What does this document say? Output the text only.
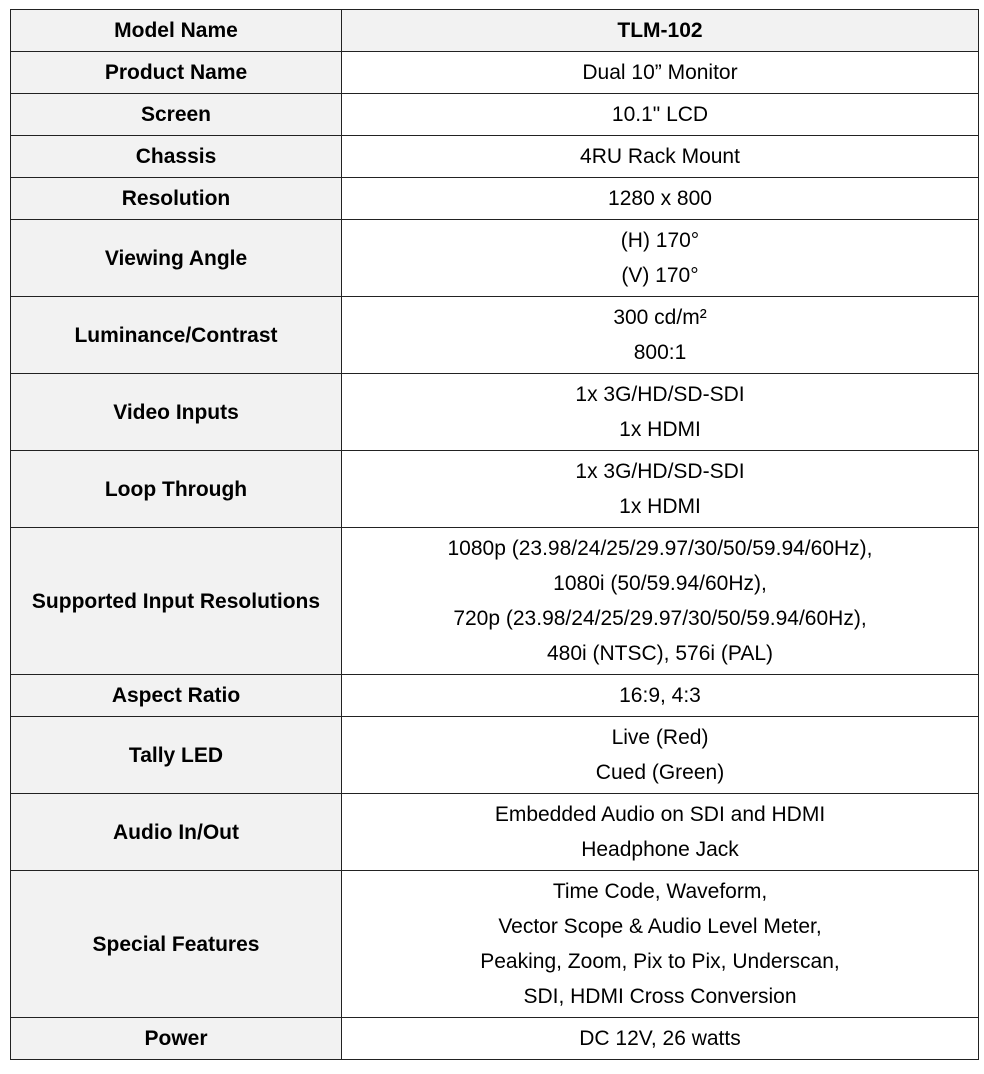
Model Name	TLM-102

Product Name	Dual 10” Monitor

Screen	10.1" LCD

Chassis	4RU Rack Mount

Resolution	1280 x 800

Viewing Angle	(H) 170°
(V) 170°

Luminance/Contrast	300 cd/m²
800:1

Video Inputs	1x 3G/HD/SD-SDI
1x HDMI

Loop Through	1x 3G/HD/SD-SDI
1x HDMI

Supported Input Resolutions	1080p (23.98/24/25/29.97/30/50/59.94/60Hz),
1080i (50/59.94/60Hz),
720p (23.98/24/25/29.97/30/50/59.94/60Hz),
480i (NTSC), 576i (PAL)

Aspect Ratio	16:9, 4:3

Tally LED	Live (Red)
Cued (Green)

Audio In/Out	Embedded Audio on SDI and HDMI
Headphone Jack

Special Features	Time Code, Waveform,
Vector Scope & Audio Level Meter,
Peaking, Zoom, Pix to Pix, Underscan,
SDI, HDMI Cross Conversion

Power	DC 12V, 26 watts
